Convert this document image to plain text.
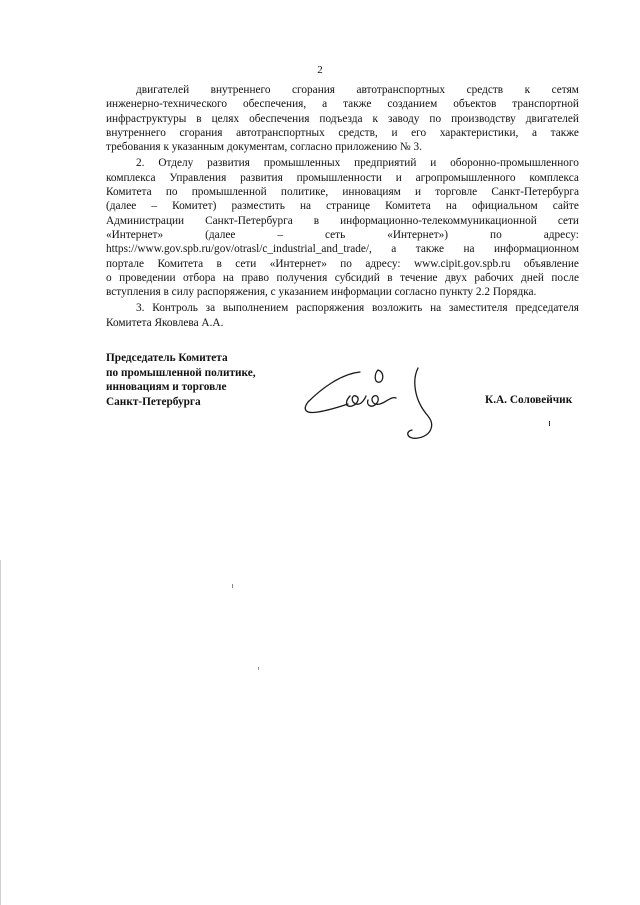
2
двигателей внутреннего сгорания автотранспортных средств к сетям
инженерно-технического обеспечения, а также созданием объектов транспортной
инфраструктуры в целях обеспечения подъезда к заводу по производству двигателей
внутреннего сгорания автотранспортных средств, и его характеристики, а также
требования к указанным документам, согласно приложению № 3.
2. Отделу развития промышленных предприятий и оборонно-промышленного
комплекса Управления развития промышленности и агропромышленного комплекса
Комитета по промышленной политике, инновациям и торговле Санкт-Петербурга
(далее – Комитет) разместить на странице Комитета на официальном сайте
Администрации Санкт-Петербурга в информационно-телекоммуникационной сети
«Интернет»	(далее	–	сеть	«Интернет»)	по	адресу:
https://www.gov.spb.ru/gov/otrasl/c_industrial_and_trade/, а также на информационном
портале Комитета в сети «Интернет» по адресу: www.cipit.gov.spb.ru объявление
о проведении отбора на право получения субсидий в течение двух рабочих дней после
вступления в силу распоряжения, с указанием информации согласно пункту 2.2 Порядка.
3. Контроль за выполнением распоряжения возложить на заместителя председателя
Комитета Яковлева А.А.
Председатель Комитета
по промышленной политике,
инновациям и торговле
Санкт-Петербурга	К.А. Соловейчик
